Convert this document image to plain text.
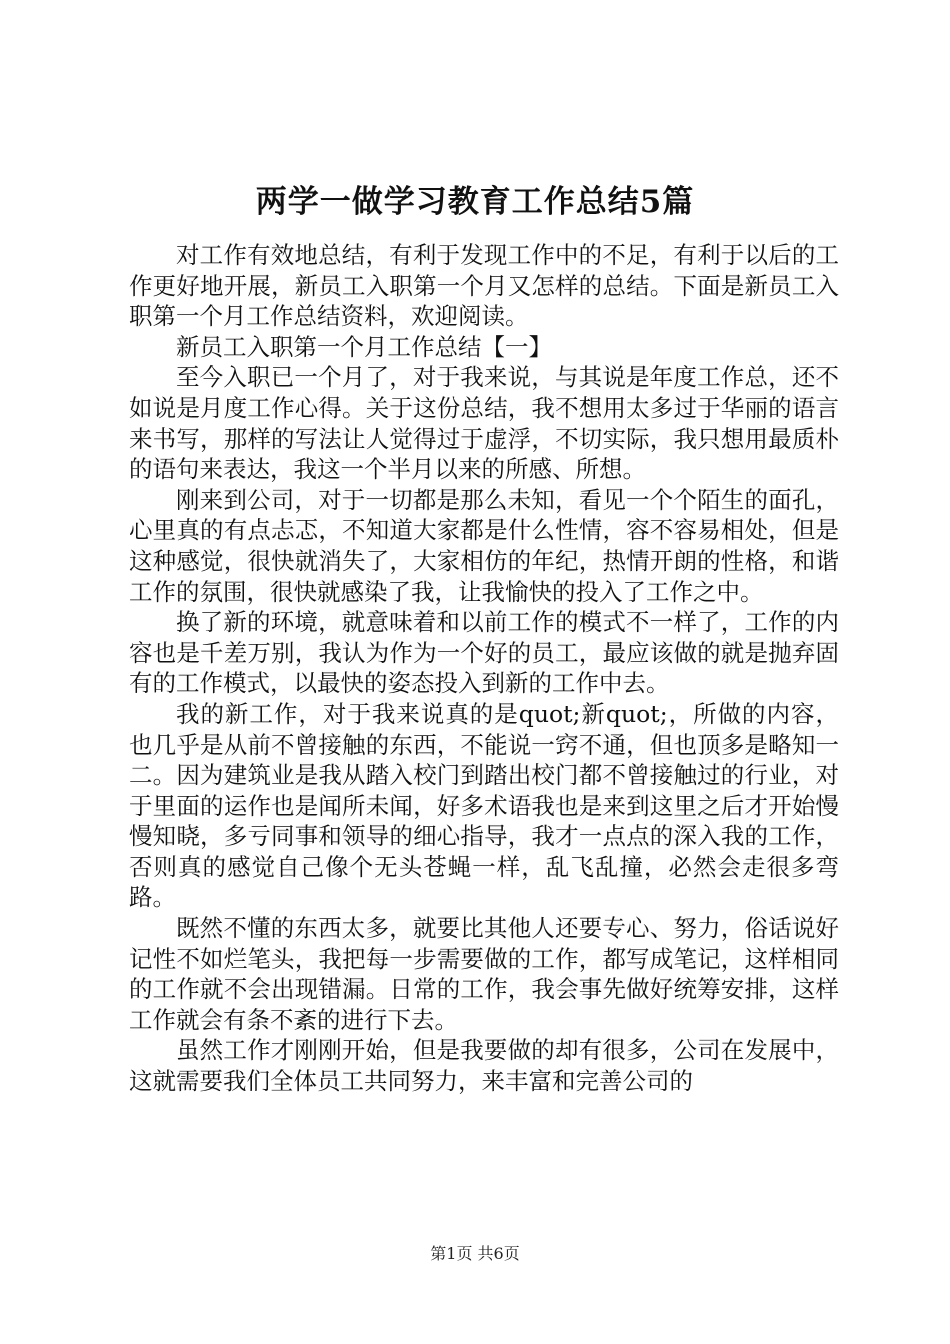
两学一做学习教育工作总结5篇

对工作有效地总结，有利于发现工作中的不足，有利于以后的工作更好地开展，新员工入职第一个月又怎样的总结。下面是新员工入职第一个月工作总结资料，欢迎阅读。

新员工入职第一个月工作总结【一】

至今入职已一个月了，对于我来说，与其说是年度工作总，还不如说是月度工作心得。关于这份总结，我不想用太多过于华丽的语言来书写，那样的写法让人觉得过于虚浮，不切实际，我只想用最质朴的语句来表达，我这一个半月以来的所感、所想。

刚来到公司，对于一切都是那么未知，看见一个个陌生的面孔，心里真的有点忐忑，不知道大家都是什么性情，容不容易相处，但是这种感觉，很快就消失了，大家相仿的年纪，热情开朗的性格，和谐工作的氛围，很快就感染了我，让我愉快的投入了工作之中。

换了新的环境，就意味着和以前工作的模式不一样了，工作的内容也是千差万别，我认为作为一个好的员工，最应该做的就是抛弃固有的工作模式，以最快的姿态投入到新的工作中去。

我的新工作，对于我来说真的是quot;新quot;，所做的内容，也几乎是从前不曾接触的东西，不能说一窍不通，但也顶多是略知一二。因为建筑业是我从踏入校门到踏出校门都不曾接触过的行业，对于里面的运作也是闻所未闻，好多术语我也是来到这里之后才开始慢慢知晓，多亏同事和领导的细心指导，我才一点点的深入我的工作，否则真的感觉自己像个无头苍蝇一样，乱飞乱撞，必然会走很多弯路。

既然不懂的东西太多，就要比其他人还要专心、努力，俗话说好记性不如烂笔头，我把每一步需要做的工作，都写成笔记，这样相同的工作就不会出现错漏。日常的工作，我会事先做好统筹安排，这样工作就会有条不紊的进行下去。

虽然工作才刚刚开始，但是我要做的却有很多，公司在发展中，这就需要我们全体员工共同努力，来丰富和完善公司的

第1页 共6页
